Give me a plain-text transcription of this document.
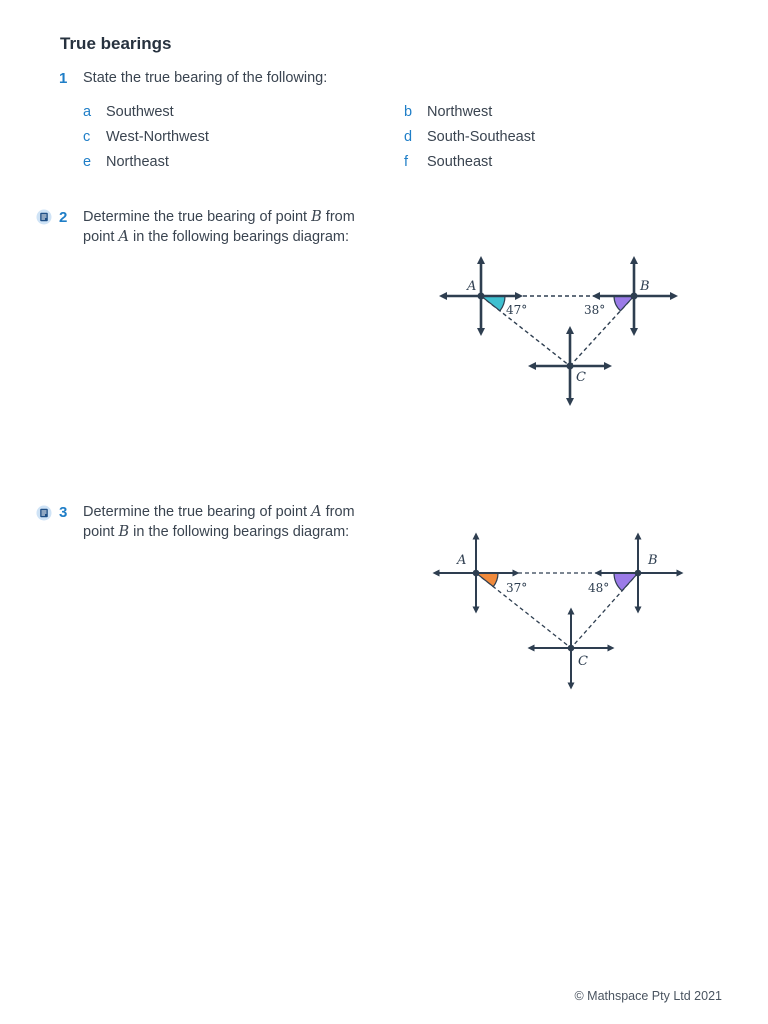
True bearings
1 State the true bearing of the following:
a Southwest	b Northwest
c West-Northwest	d South-Southeast
e Northeast	f Southeast
2 Determine the true bearing of point B from
point A in the following bearings diagram:
A	B
C
47°	38°
3 Determine the true bearing of point A from
point B in the following bearings diagram:
A	B
C
37°	48°
© Mathspace Pty Ltd 2021
